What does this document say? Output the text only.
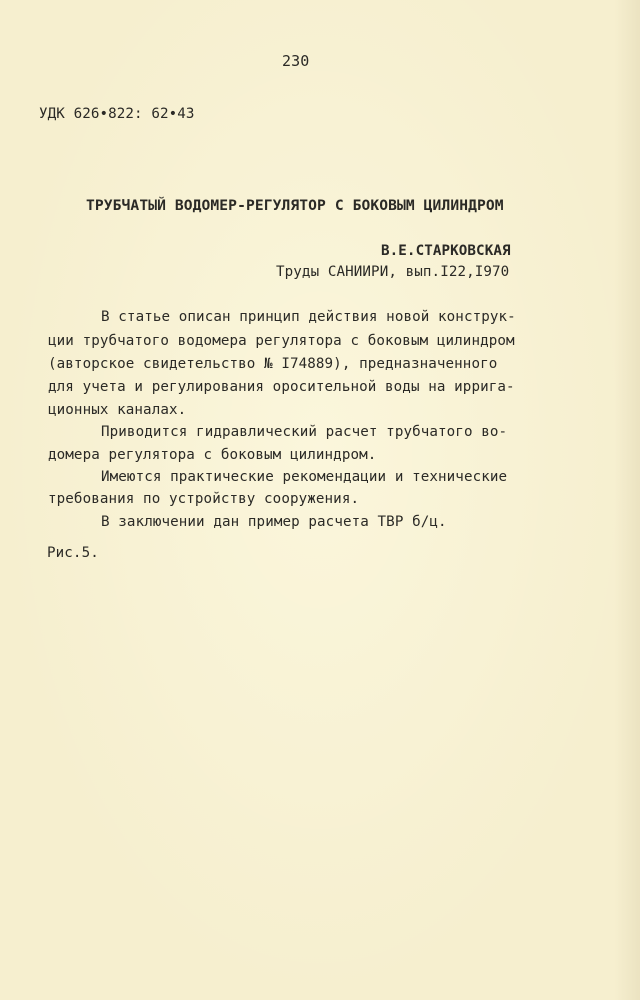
230
УДК 626•822: 62•43
ТРУБЧАТЫЙ ВОДОМЕР-РЕГУЛЯТОР С БОКОВЫМ ЦИЛИНДРОМ
В.Е.СТАРКОВСКАЯ
Труды САНИИРИ, вып.I22,I970
В статье описан принцип действия новой конструк-
ции трубчатого водомера регулятора с боковым цилиндром
(авторское свидетельство № I74889), предназначенного
для учета и регулирования оросительной воды на ирригa-
ционных каналах.
Приводится гидравлический расчет трубчатого во-
домера регулятора с боковым цилиндром.
Имеются практические рекомендации и технические
требования по устройству сооружения.
В заключении дан пример расчета ТВР б/ц.
Рис.5.
